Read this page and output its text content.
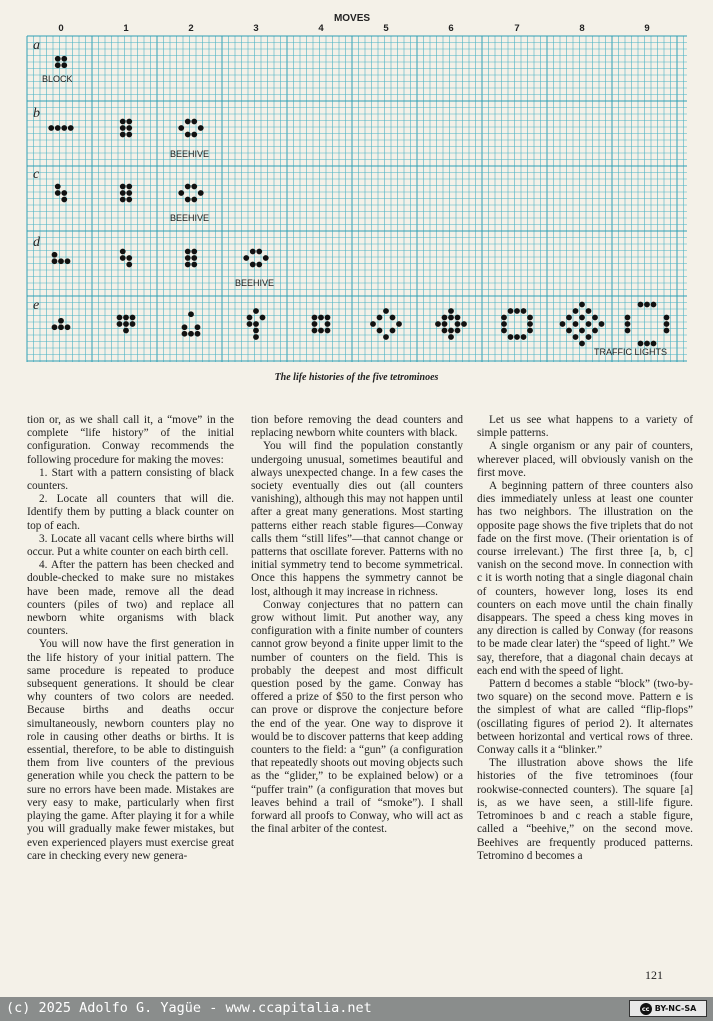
MOVES
0	1	2	3	4	5	6	7	8	9
a
BLOCK
b
BEEHIVE
c
BEEHIVE
d
BEEHIVE
e
TRAFFIC LIGHTS
The life histories of the five tetrominoes

tion or, as we shall call it, a “move” in the complete “life history” of the initial configuration. Conway recommends the following procedure for making the moves:

1. Start with a pattern consisting of black counters.

2. Locate all counters that will die. Identify them by putting a black counter on top of each.

3. Locate all vacant cells where births will occur. Put a white counter on each birth cell.

4. After the pattern has been checked and double-checked to make sure no mistakes have been made, remove all the dead counters (piles of two) and replace all newborn white organisms with black counters.

You will now have the first generation in the life history of your initial pattern. The same procedure is repeated to produce subsequent generations. It should be clear why counters of two colors are needed. Because births and deaths occur simultaneously, newborn counters play no role in causing other deaths or births. It is essential, therefore, to be able to distinguish them from live counters of the previous generation while you check the pattern to be sure no errors have been made. Mistakes are very easy to make, particularly when first playing the game. After playing it for a while you will gradually make fewer mistakes, but even experienced players must exercise great care in checking every new genera-

tion before removing the dead counters and replacing newborn white counters with black.

You will find the population constantly undergoing unusual, sometimes beautiful and always unexpected change. In a few cases the society eventually dies out (all counters vanishing), although this may not happen until after a great many generations. Most starting patterns either reach stable figures—Conway calls them “still lifes”—that cannot change or patterns that oscillate forever. Patterns with no initial symmetry tend to become symmetrical. Once this happens the symmetry cannot be lost, although it may increase in richness.

Conway conjectures that no pattern can grow without limit. Put another way, any configuration with a finite number of counters cannot grow beyond a finite upper limit to the number of counters on the field. This is probably the deepest and most difficult question posed by the game. Conway has offered a prize of $50 to the first person who can prove or disprove the conjecture before the end of the year. One way to disprove it would be to discover patterns that keep adding counters to the field: a “gun” (a configuration that repeatedly shoots out moving objects such as the “glider,” to be explained below) or a “puffer train” (a configuration that moves but leaves behind a trail of “smoke”). I shall forward all proofs to Conway, who will act as the final arbiter of the contest.

Let us see what happens to a variety of simple patterns.

A single organism or any pair of counters, wherever placed, will obviously vanish on the first move.

A beginning pattern of three counters also dies immediately unless at least one counter has two neighbors. The illustration on the opposite page shows the five triplets that do not fade on the first move. (Their orientation is of course irrelevant.) The first three [a, b, c] vanish on the second move. In connection with c it is worth noting that a single diagonal chain of counters, however long, loses its end counters on each move until the chain finally disappears. The speed a chess king moves in any direction is called by Conway (for reasons to be made clear later) the “speed of light.” We say, therefore, that a diagonal chain decays at each end with the speed of light.

Pattern d becomes a stable “block” (two-by-two square) on the second move. Pattern e is the simplest of what are called “flip-flops” (oscillating figures of period 2). It alternates between horizontal and vertical rows of three. Conway calls it a “blinker.”

The illustration above shows the life histories of the five tetrominoes (four rookwise-connected counters). The square [a] is, as we have seen, a still-life figure. Tetrominoes b and c reach a stable figure, called a “beehive,” on the second move. Beehives are frequently produced patterns. Tetromino d becomes a

121
(c) 2025 Adolfo G. Yagüe - www.ccapitalia.net	cc BY-NC-SA
